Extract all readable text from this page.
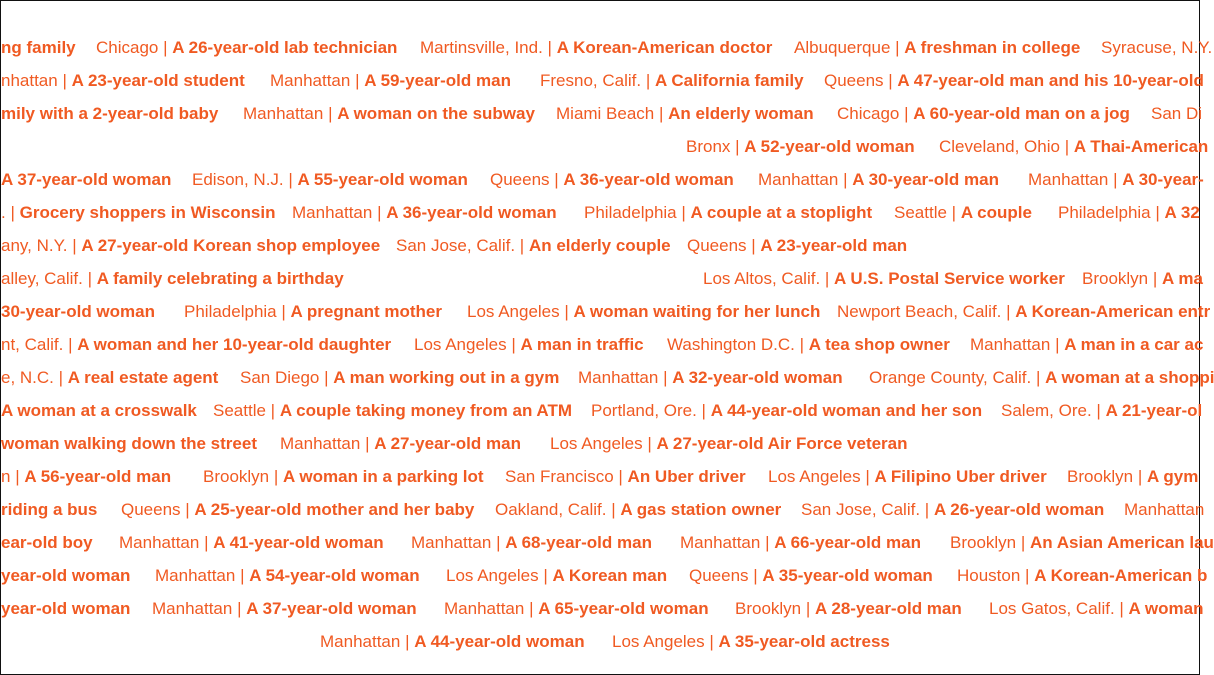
ng family Chicago | A 26-year-old lab technician Martinsville, Ind. | A Korean-American doctor Albuquerque | A freshman in college Syracuse, N.Y.
nhattan | A 23-year-old student Manhattan | A 59-year-old man Fresno, Calif. | A California family Queens | A 47-year-old man and his 10-year-old
mily with a 2-year-old baby Manhattan | A woman on the subway Miami Beach | An elderly woman Chicago | A 60-year-old man on a jog San Di
Bronx | A 52-year-old woman Cleveland, Ohio | A Thai-American
A 37-year-old woman Edison, N.J. | A 55-year-old woman Queens | A 36-year-old woman Manhattan | A 30-year-old man Manhattan | A 30-year-
. | Grocery shoppers in Wisconsin Manhattan | A 36-year-old woman Philadelphia | A couple at a stoplight Seattle | A couple Philadelphia | A 32
any, N.Y. | A 27-year-old Korean shop employee San Jose, Calif. | An elderly couple Queens | A 23-year-old man
alley, Calif. | A family celebrating a birthday	Los Altos, Calif. | A U.S. Postal Service worker Brooklyn | A ma
30-year-old woman Philadelphia | A pregnant mother Los Angeles | A woman waiting for her lunch Newport Beach, Calif. | A Korean-American entr
nt, Calif. | A woman and her 10-year-old daughter Los Angeles | A man in traffic Washington D.C. | A tea shop owner Manhattan | A man in a car ac
e, N.C. | A real estate agent San Diego | A man working out in a gym Manhattan | A 32-year-old woman Orange County, Calif. | A woman at a shoppi
A woman at a crosswalk Seattle | A couple taking money from an ATM Portland, Ore. | A 44-year-old woman and her son Salem, Ore. | A 21-year-ol
woman walking down the street Manhattan | A 27-year-old man Los Angeles | A 27-year-old Air Force veteran
n | A 56-year-old man Brooklyn | A woman in a parking lot San Francisco | An Uber driver Los Angeles | A Filipino Uber driver Brooklyn | A gym
riding a bus Queens | A 25-year-old mother and her baby Oakland, Calif. | A gas station owner San Jose, Calif. | A 26-year-old woman Manhattan
ear-old boy Manhattan | A 41-year-old woman Manhattan | A 68-year-old man Manhattan | A 66-year-old man Brooklyn | An Asian American lau
year-old woman Manhattan | A 54-year-old woman Los Angeles | A Korean man Queens | A 35-year-old woman Houston | A Korean-American b
year-old woman Manhattan | A 37-year-old woman Manhattan | A 65-year-old woman Brooklyn | A 28-year-old man Los Gatos, Calif. | A woman
Manhattan | A 44-year-old woman Los Angeles | A 35-year-old actress
